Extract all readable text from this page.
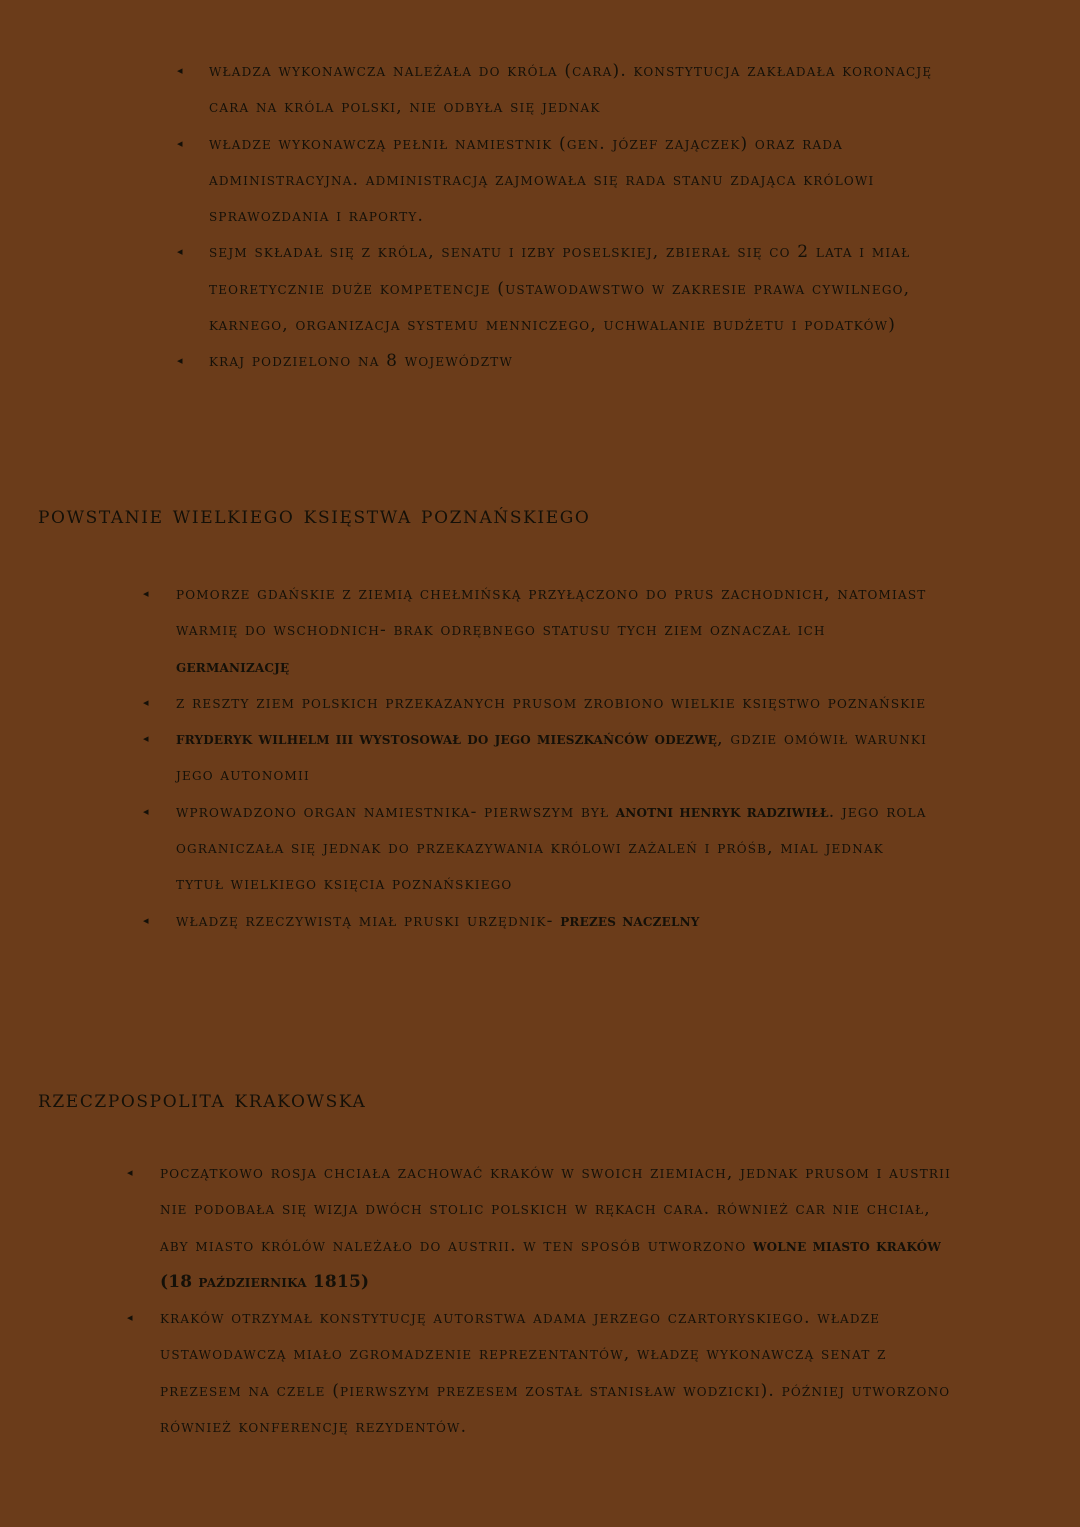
◂ władza wykonawcza należała do króla (cara). konstytucja zakładała koronację cara na króla polski, nie odbyła się jednak
◂ władze wykonawczą pełnił namiestnik (gen. józef zajączek) oraz rada administracyjna. administracją zajmowała się rada stanu zdająca królowi sprawozdania i raporty.
◂ sejm składał się z króla, senatu i izby poselskiej, zbierał się co 2 lata i miał teoretycznie duże kompetencje (ustawodawstwo w zakresie prawa cywilnego, karnego, organizacja systemu menniczego, uchwalanie budżetu i podatków)
◂ kraj podzielono na 8 województw
powstanie wielkiego księstwa poznańskiego
◂ pomorze gdańskie z ziemią chełmińską przyłączono do prus zachodnich, natomiast warmię do wschodnich- brak odrębnego statusu tych ziem oznaczał ich germanizację
◂ z reszty ziem polskich przekazanych prusom zrobiono wielkie księstwo poznańskie
◂ fryderyk wilhelm iii wystosował do jego mieszkańców odezwę, gdzie omówił warunki jego autonomii
◂ wprowadzono organ namiestnika- pierwszym był anotni henryk radziwiłł. jego rola ograniczała się jednak do przekazywania królowi zażaleń i próśb, mial jednak tytuł wielkiego księcia poznańskiego
◂ władzę rzeczywistą miał pruski urzędnik- prezes naczelny
rzeczpospolita krakowska
◂ początkowo rosja chciała zachować kraków w swoich ziemiach, jednak prusom i austrii nie podobała się wizja dwóch stolic polskich w rękach cara. również car nie chciał, aby miasto królów należało do austrii. w ten sposób utworzono wolne miasto kraków (18 października 1815)
◂ kraków otrzymał konstytucję autorstwa adama jerzego czartoryskiego. władze ustawodawczą miało zgromadzenie reprezentantów, władzę wykonawczą senat z prezesem na czele (pierwszym prezesem został stanisław wodzicki). później utworzono również konferencję rezydentów.
